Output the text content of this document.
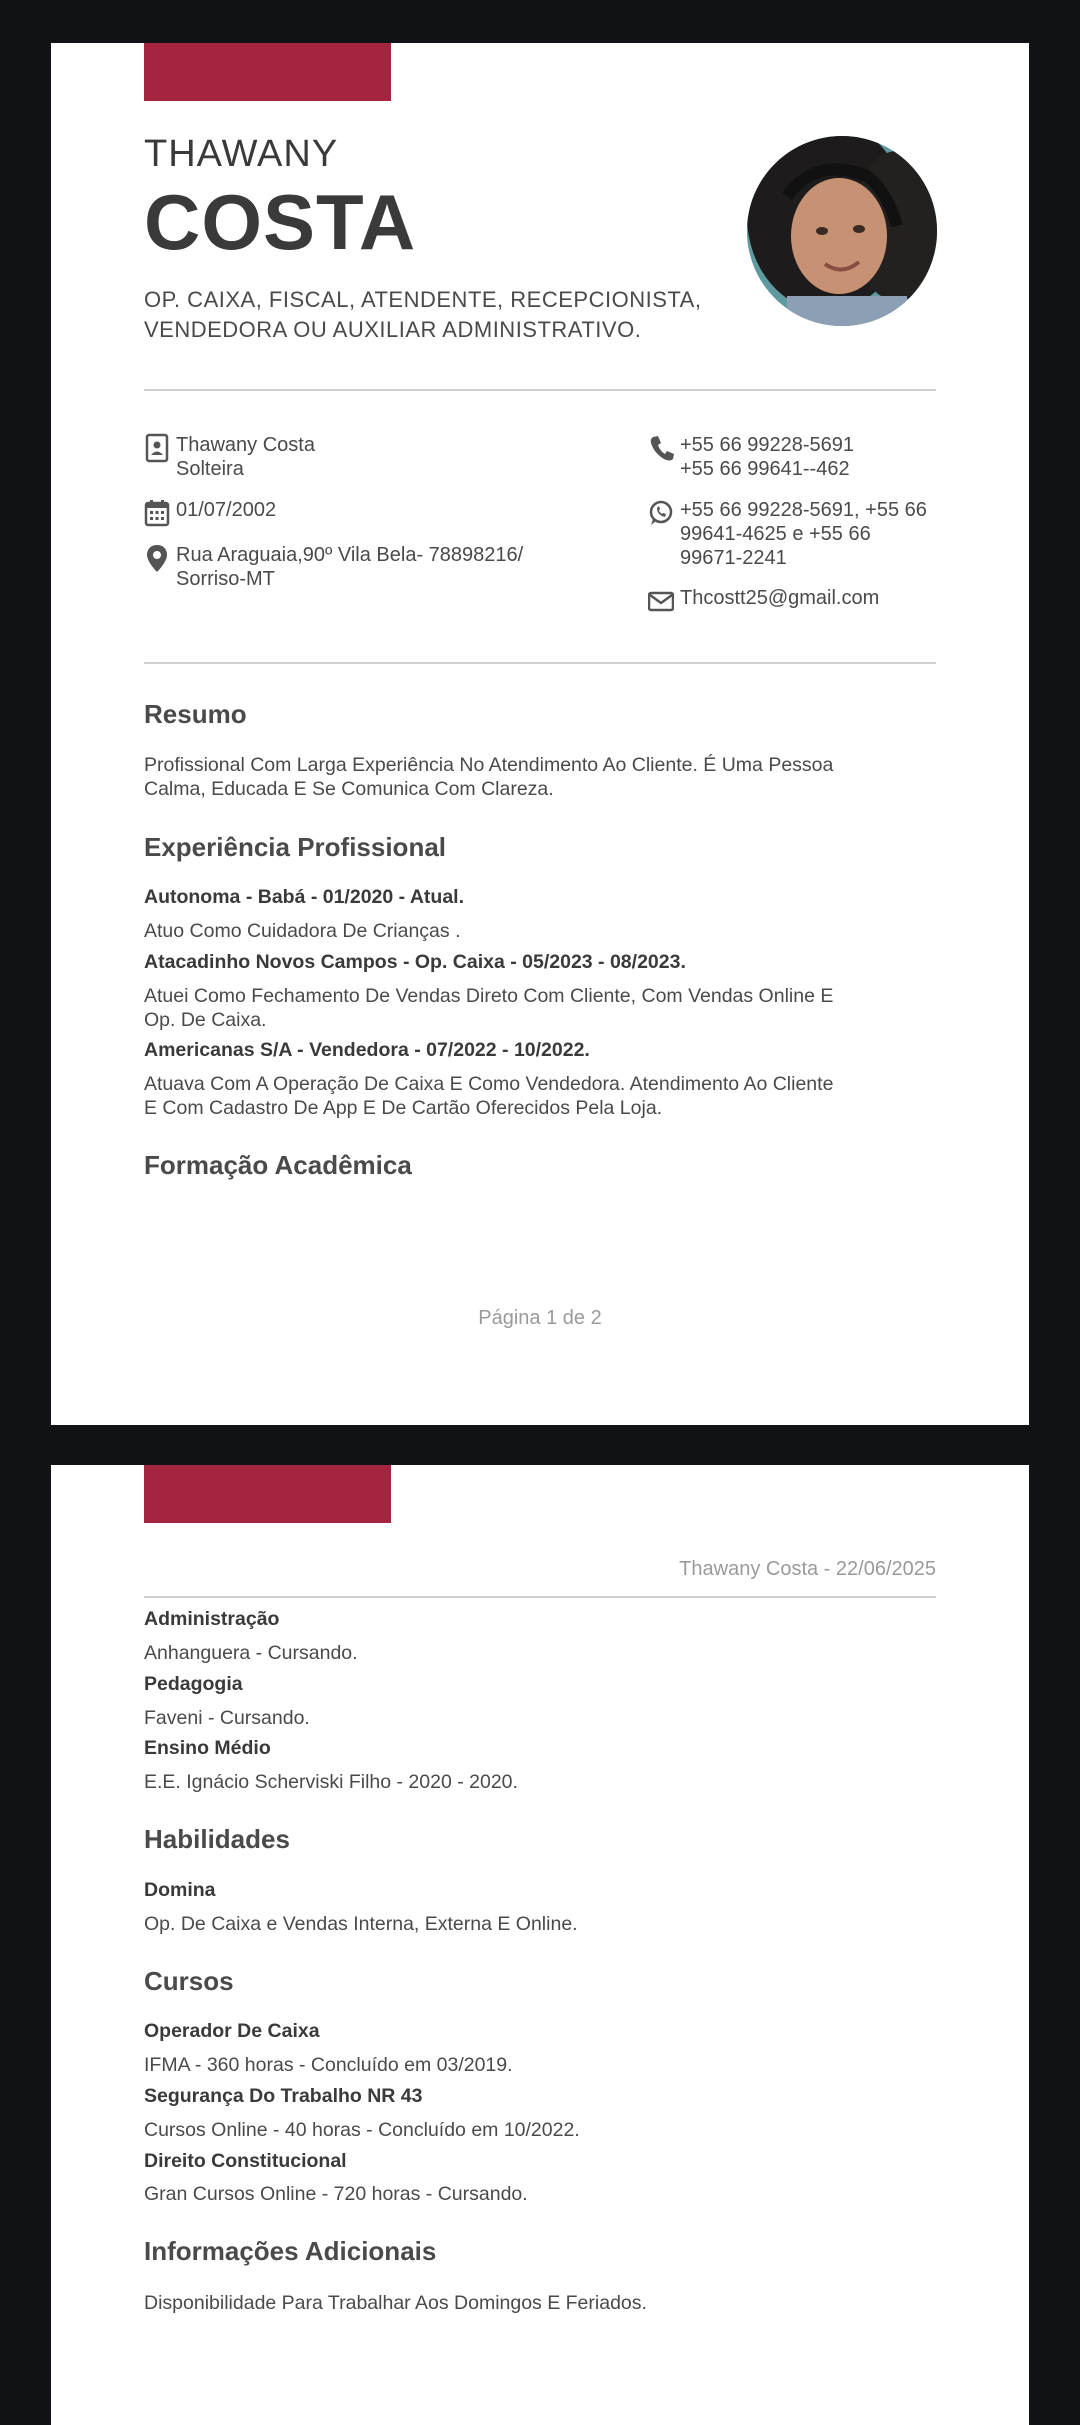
THAWANY
COSTA
OP. CAIXA, FISCAL, ATENDENTE, RECEPCIONISTA,
VENDEDORA OU AUXILIAR ADMINISTRATIVO.
Thawany Costa
Solteira
01/07/2002
Rua Araguaia,90º Vila Bela- 78898216/
Sorriso-MT
+55 66 99228-5691
+55 66 99641--462
+55 66 99228-5691, +55 66
99641-4625 e +55 66
99671-2241
Thcostt25@gmail.com
Resumo
Profissional Com Larga Experiência No Atendimento Ao Cliente. É Uma Pessoa
Calma, Educada E Se Comunica Com Clareza.
Experiência Profissional
Autonoma - Babá - 01/2020 - Atual.
Atuo Como Cuidadora De Crianças .
Atacadinho Novos Campos - Op. Caixa - 05/2023 - 08/2023.
Atuei Como Fechamento De Vendas Direto Com Cliente, Com Vendas Online E
Op. De Caixa.
Americanas S/A - Vendedora - 07/2022 - 10/2022.
Atuava Com A Operação De Caixa E Como Vendedora. Atendimento Ao Cliente
E Com Cadastro De App E De Cartão Oferecidos Pela Loja.
Formação Acadêmica
Página 1 de 2
Thawany Costa - 22/06/2025
Administração
Anhanguera - Cursando.
Pedagogia
Faveni - Cursando.
Ensino Médio
E.E. Ignácio Scherviski Filho - 2020 - 2020.
Habilidades
Domina
Op. De Caixa e Vendas Interna, Externa E Online.
Cursos
Operador De Caixa
IFMA - 360 horas - Concluído em 03/2019.
Segurança Do Trabalho NR 43
Cursos Online - 40 horas - Concluído em 10/2022.
Direito Constitucional
Gran Cursos Online - 720 horas - Cursando.
Informações Adicionais
Disponibilidade Para Trabalhar Aos Domingos E Feriados.
